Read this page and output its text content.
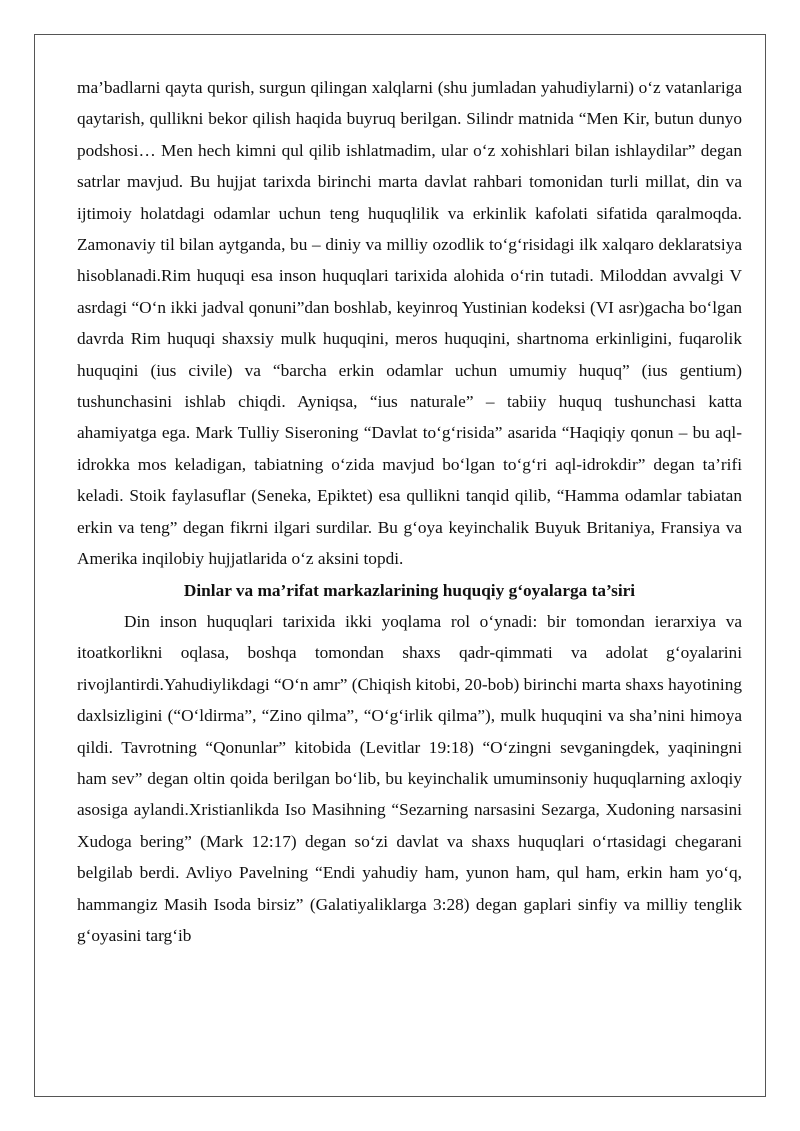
ma’badlarni qayta qurish, surgun qilingan xalqlarni (shu jumladan yahudiylarni) o‘z vatanlariga qaytarish, qullikni bekor qilish haqida buyruq berilgan. Silindr matnida “Men Kir, butun dunyo podshosi… Men hech kimni qul qilib ishlatmadim, ular o‘z xohishlari bilan ishlaydilar” degan satrlar mavjud. Bu hujjat tarixda birinchi marta davlat rahbari tomonidan turli millat, din va ijtimoiy holatdagi odamlar uchun teng huquqlilik va erkinlik kafolati sifatida qaralmoqda. Zamonaviy til bilan aytganda, bu – diniy va milliy ozodlik to‘g‘risidagi ilk xalqaro deklaratsiya hisoblanadi.Rim huquqi esa inson huquqlari tarixida alohida o‘rin tutadi. Miloddan avvalgi V asrdagi “O‘n ikki jadval qonuni”dan boshlab, keyinroq Yustinian kodeksi (VI asr)gacha bo‘lgan davrda Rim huquqi shaxsiy mulk huquqini, meros huquqini, shartnoma erkinligini, fuqarolik huquqini (ius civile) va “barcha erkin odamlar uchun umumiy huquq” (ius gentium) tushunchasini ishlab chiqdi. Ayniqsa, “ius naturale” – tabiiy huquq tushunchasi katta ahamiyatga ega. Mark Tulliy Siseroning “Davlat to‘g‘risida” asarida “Haqiqiy qonun – bu aql-idrokka mos keladigan, tabiatning o‘zida mavjud bo‘lgan to‘g‘ri aql-idrokdir” degan ta’rifi keladi. Stoik faylasuflar (Seneka, Epiktet) esa qullikni tanqid qilib, “Hamma odamlar tabiatan erkin va teng” degan fikrni ilgari surdilar. Bu g‘oya keyinchalik Buyuk Britaniya, Fransiya va Amerika inqilobiy hujjatlarida o‘z aksini topdi.

Dinlar va ma’rifat markazlarining huquqiy g‘oyalarga ta’siri

Din inson huquqlari tarixida ikki yoqlama rol o‘ynadi: bir tomondan ierarxiya va itoatkorlikni oqlasa, boshqa tomondan shaxs qadr-qimmati va adolat g‘oyalarini rivojlantirdi.Yahudiylikdagi “O‘n amr” (Chiqish kitobi, 20-bob) birinchi marta shaxs hayotining daxlsizligini (“O‘ldirma”, “Zino qilma”, “O‘g‘irlik qilma”), mulk huquqini va sha’nini himoya qildi. Tavrotning “Qonunlar” kitobida (Levitlar 19:18) “O‘zingni sevganingdek, yaqiningni ham sev” degan oltin qoida berilgan bo‘lib, bu keyinchalik umuminsoniy huquqlarning axloqiy asosiga aylandi.Xristianlikda Iso Masihning “Sezarning narsasini Sezarga, Xudoning narsasini Xudoga bering” (Mark 12:17) degan so‘zi davlat va shaxs huquqlari o‘rtasidagi chegarani belgilab berdi. Avliyo Pavelning “Endi yahudiy ham, yunon ham, qul ham, erkin ham yo‘q, hammangiz Masih Isoda birsiz” (Galatiyaliklarga 3:28) degan gaplari sinfiy va milliy tenglik g‘oyasini targ‘ib
